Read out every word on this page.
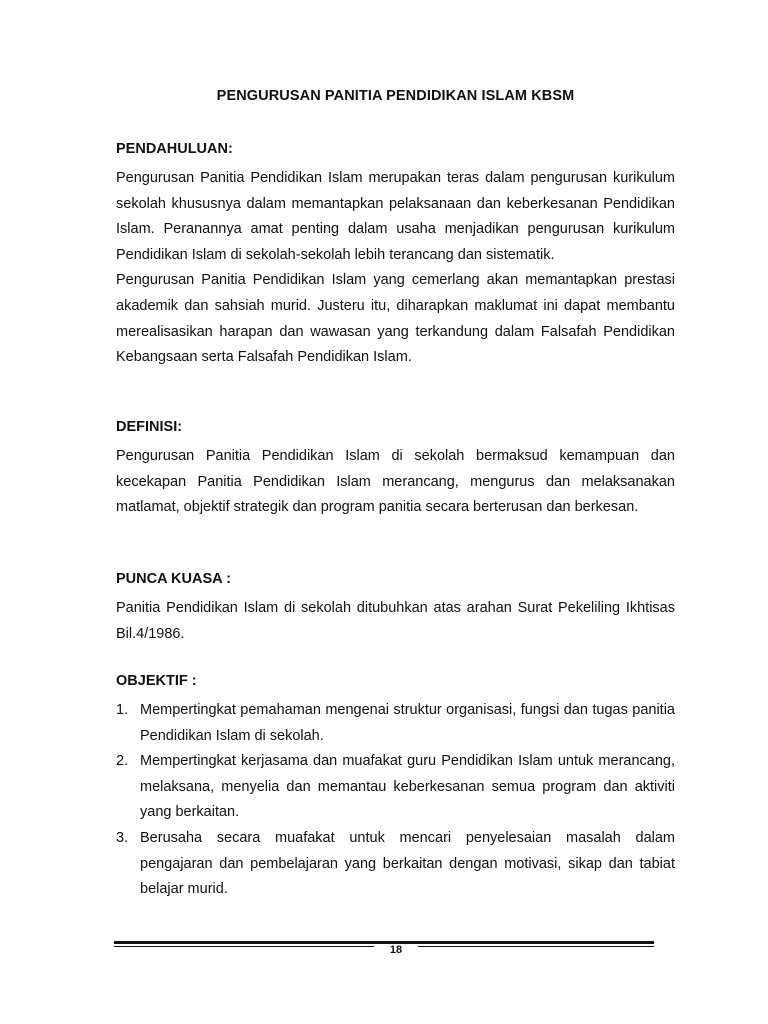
PENGURUSAN PANITIA PENDIDIKAN ISLAM KBSM
PENDAHULUAN:

Pengurusan Panitia Pendidikan Islam merupakan teras dalam pengurusan kurikulum sekolah khususnya dalam memantapkan pelaksanaan dan keberkesanan Pendidikan Islam. Peranannya amat penting dalam usaha menjadikan pengurusan kurikulum Pendidikan Islam di sekolah-sekolah lebih terancang dan sistematik.

Pengurusan Panitia Pendidikan Islam yang cemerlang akan memantapkan prestasi akademik dan sahsiah murid. Justeru itu, diharapkan maklumat ini dapat membantu merealisasikan harapan dan wawasan yang terkandung dalam Falsafah Pendidikan Kebangsaan serta Falsafah Pendidikan Islam.

DEFINISI:

Pengurusan Panitia Pendidikan Islam di sekolah bermaksud kemampuan dan kecekapan Panitia Pendidikan Islam merancang, mengurus dan melaksanakan matlamat, objektif strategik dan program panitia secara berterusan dan berkesan.

PUNCA KUASA :

Panitia Pendidikan Islam di sekolah ditubuhkan atas arahan Surat Pekeliling Ikhtisas Bil.4/1986.

OBJEKTIF :
1. Mempertingkat pemahaman mengenai struktur organisasi, fungsi dan tugas panitia Pendidikan Islam di sekolah.
2. Mempertingkat kerjasama dan muafakat guru Pendidikan Islam untuk merancang, melaksana, menyelia dan memantau keberkesanan semua program dan aktiviti yang berkaitan.
3. Berusaha secara muafakat untuk mencari penyelesaian masalah dalam pengajaran dan pembelajaran yang berkaitan dengan motivasi, sikap dan tabiat belajar murid.
18
